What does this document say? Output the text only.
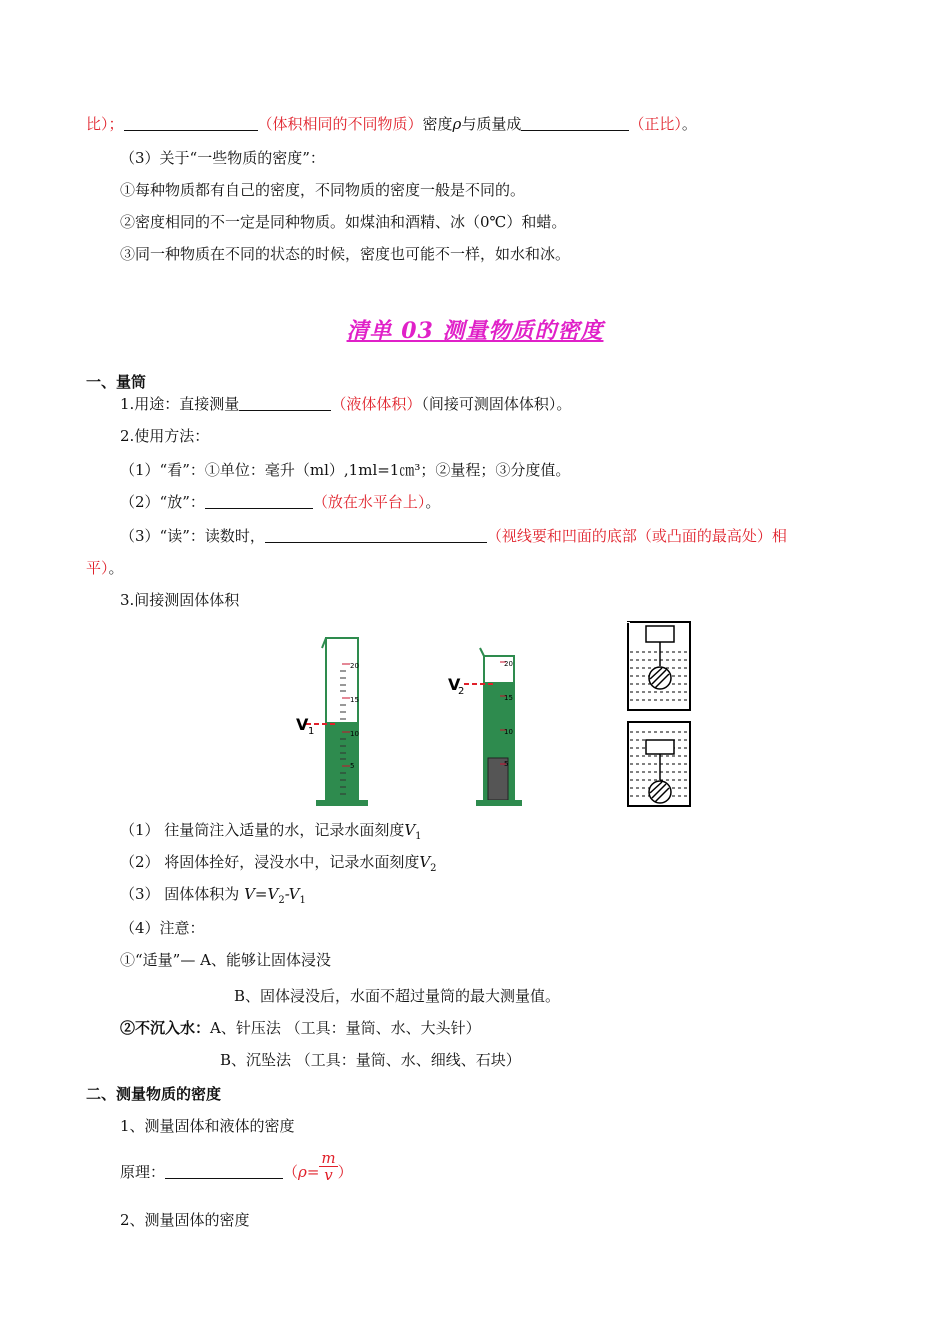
比）；	（体积相同的不同物质）密度ρ与质量成	（正比）。
（3）关于“一些物质的密度”：
①每种物质都有自己的密度，不同物质的密度一般是不同的。
②密度相同的不一定是同种物质。如煤油和酒精、冰（0℃）和蜡。
③同一种物质在不同的状态的时候，密度也可能不一样，如水和冰。
清单 03 测量物质的密度
一、量筒
1.用途：直接测量	（液体体积）（间接可测固体体积）。
2.使用方法：
（1）“看”：①单位：毫升（ml）,1ml=1㎝³；②量程；③分度值。
（2）“放”：	（放在水平台上）。
（3）“读”：读数时，	（视线要和凹面的底部（或凸面的最高处）相
平）。
3.间接测固体体积
20
15
10
5
V 1
20
15
10
5
V
2
（1） 往量筒注入适量的水，记录水面刻度$V_1$
（2） 将固体拴好，浸没水中，记录水面刻度$V_2$
（3） 固体体积为 $V=V_2-V_1$
（4）注意：
①“适量”— A、能够让固体浸没
B、固体浸没后，水面不超过量筒的最大测量值。
②不沉入水：A、针压法 （工具：量筒、水、大头针）
B、沉坠法 （工具：量筒、水、细线、石块）
二、测量物质的密度
1、测量固体和液体的密度
原理：	（$\rho= \frac{m}{v}$ ）
2、测量固体的密度
